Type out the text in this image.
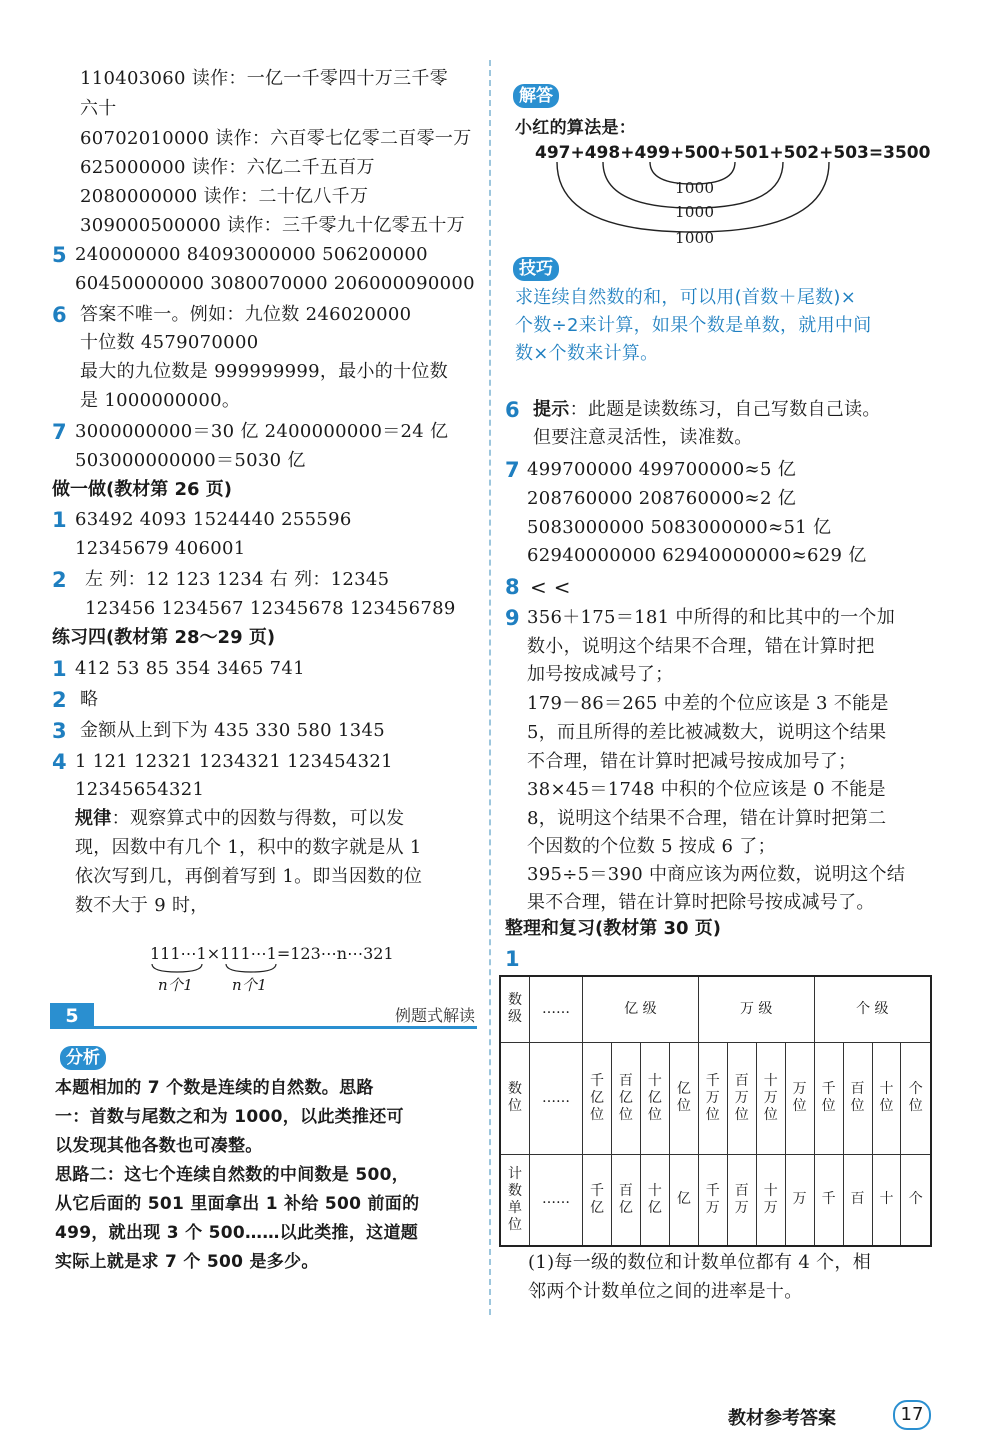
110403060 读作：一亿一千零四十万三千零
六十
60702010000 读作：六百零七亿零二百零一万
625000000 读作：六亿二千五百万
2080000000 读作：二十亿八千万
309000500000 读作：三千零九十亿零五十万
5 240000000 84093000000 506200000
60450000000 3080070000 206000090000
6 答案不唯一。例如：九位数 246020000
十位数 4579070000
最大的九位数是 999999999，最小的十位数
是 1000000000。
7 3000000000＝30 亿 2400000000＝24 亿
503000000000＝5030 亿
做一做(教材第 26 页)
1 63492 4093 1524440 255596
12345679 406001
2 左 列：12 123 1234 右 列：12345
123456 1234567 12345678 123456789
练习四(教材第 28～29 页)
1 412 53 85 354 3465 741
2 略
3 金额从上到下为 435 330 580 1345
4 1 121 12321 1234321 123454321
12345654321
规律：观察算式中的因数与得数，可以发
现，因数中有几个 1，积中的数字就是从 1
依次写到几，再倒着写到 1。即当因数的位
数不大于 9 时，
111⋯1×111⋯1=123⋯n⋯321
n个1	n个1
5	例题式解读
分析
本题相加的 7 个数是连续的自然数。思路
一：首数与尾数之和为 1000，以此类推还可
以发现其他各数也可凑整。
思路二：这七个连续自然数的中间数是 500，
从它后面的 501 里面拿出 1 补给 500 前面的
499，就出现 3 个 500……以此类推，这道题
实际上就是求 7 个 500 是多少。
解答
小红的算法是：
497+498+499+500+501+502+503=3500
1000
1000
1000
技巧
求连续自然数的和，可以用(首数＋尾数)×
个数÷2来计算，如果个数是单数，就用中间
数×个数来计算。
6 提示：此题是读数练习，自己写数自己读。
但要注意灵活性，读准数。
7 499700000 499700000≈5 亿
208760000 208760000≈2 亿
5083000000 5083000000≈51 亿
62940000000 62940000000≈629 亿
8 < <
9 356＋175＝181 中所得的和比其中的一个加
数小，说明这个结果不合理，错在计算时把
加号按成减号了；
179－86＝265 中差的个位应该是 3 不能是
5，而且所得的差比被减数大，说明这个结果
不合理，错在计算时把减号按成加号了；
38×45＝1748 中积的个位应该是 0 不能是
8，说明这个结果不合理，错在计算时把第二
个因数的个位数 5 按成 6 了；
395÷5＝390 中商应该为两位数，说明这个结
果不合理，错在计算时把除号按成减号了。
整理和复习(教材第 30 页)
1
数级	……	亿 级				万 级				个 级			
数位	……	千亿位	百亿位	十亿位	亿位	千万位	百万位	十万位	万位	千位	百位	十位	个位
计数单位	……	千亿	百亿	十亿	亿	千万	百万	十万	万	千	百	十	个
(1)每一级的数位和计数单位都有 4 个，相
邻两个计数单位之间的进率是十。
教材参考答案	17
